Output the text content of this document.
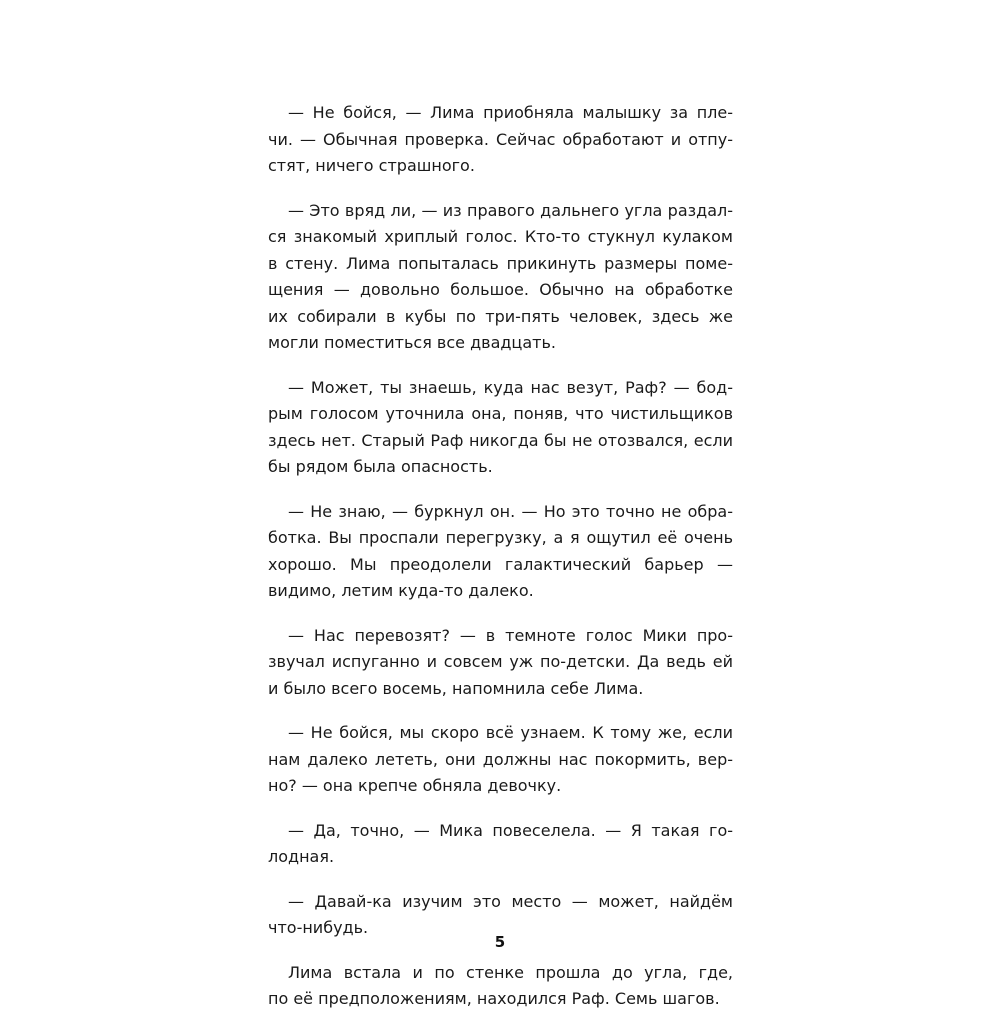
— Не бойся, — Лима приобняла малышку за пле-
чи. — Обычная проверка. Сейчас обработают и отпу-
стят, ничего страшного.

— Это вряд ли, — из правого дальнего угла раздал-
ся знакомый хриплый голос. Кто-то стукнул кулаком
в стену. Лима попыталась прикинуть размеры поме-
щения — довольно большое. Обычно на обработке
их собирали в кубы по три-пять человек, здесь же
могли поместиться все двадцать.

— Может, ты знаешь, куда нас везут, Раф? — бод-
рым голосом уточнила она, поняв, что чистильщиков
здесь нет. Старый Раф никогда бы не отозвался, если
бы рядом была опасность.

— Не знаю, — буркнул он. — Но это точно не обра-
ботка. Вы проспали перегрузку, а я ощутил её очень
хорошо. Мы преодолели галактический барьер —
видимо, летим куда-то далеко.

— Нас перевозят? — в темноте голос Мики про-
звучал испуганно и совсем уж по-детски. Да ведь ей
и было всего восемь, напомнила себе Лима.

— Не бойся, мы скоро всё узнаем. К тому же, если
нам далеко лететь, они должны нас покормить, вер-
но? — она крепче обняла девочку.

— Да, точно, — Мика повеселела. — Я такая го-
лодная.

— Давай-ка изучим это место — может, найдём
что-нибудь.

Лима встала и по стенке прошла до угла, где,
по её предположениям, находился Раф. Семь шагов.

5
